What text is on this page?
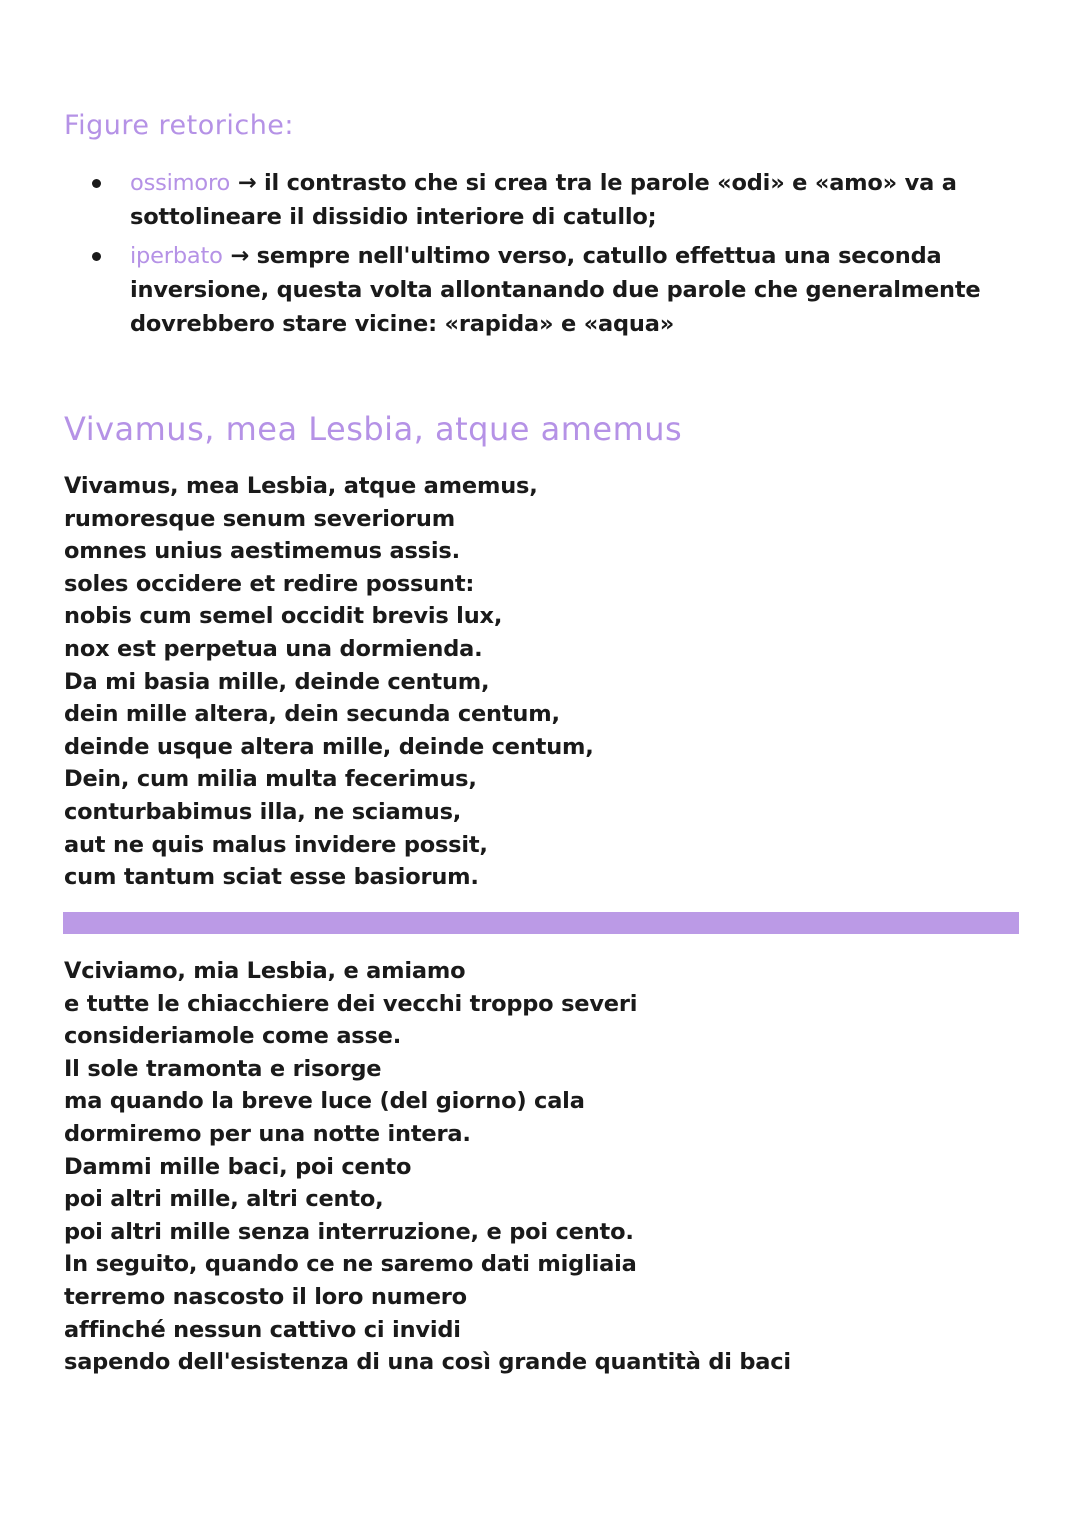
Figure retoriche:
ossimoro → il contrasto che si crea tra le parole «odi» e «amo» va a sottolineare il dissidio interiore di catullo;
iperbato → sempre nell'ultimo verso, catullo effettua una seconda inversione, questa volta allontanando due parole che generalmente dovrebbero stare vicine: «rapida» e «aqua»
Vivamus, mea Lesbia, atque amemus
Vivamus, mea Lesbia, atque amemus,
rumoresque senum severiorum
omnes unius aestimemus assis.
soles occidere et redire possunt:
nobis cum semel occidit brevis lux,
nox est perpetua una dormienda.
Da mi basia mille, deinde centum,
dein mille altera, dein secunda centum,
deinde usque altera mille, deinde centum,
Dein, cum milia multa fecerimus,
conturbabimus illa, ne sciamus,
aut ne quis malus invidere possit,
cum tantum sciat esse basiorum.
Vciviamo, mia Lesbia, e amiamo
e tutte le chiacchiere dei vecchi troppo severi
consideriamole come asse.
Il sole tramonta e risorge
ma quando la breve luce (del giorno) cala
dormiremo per una notte intera.
Dammi mille baci, poi cento
poi altri mille, altri cento,
poi altri mille senza interruzione, e poi cento.
In seguito, quando ce ne saremo dati migliaia
terremo nascosto il loro numero
affinché nessun cattivo ci invidi
sapendo dell'esistenza di una così grande quantità di baci
